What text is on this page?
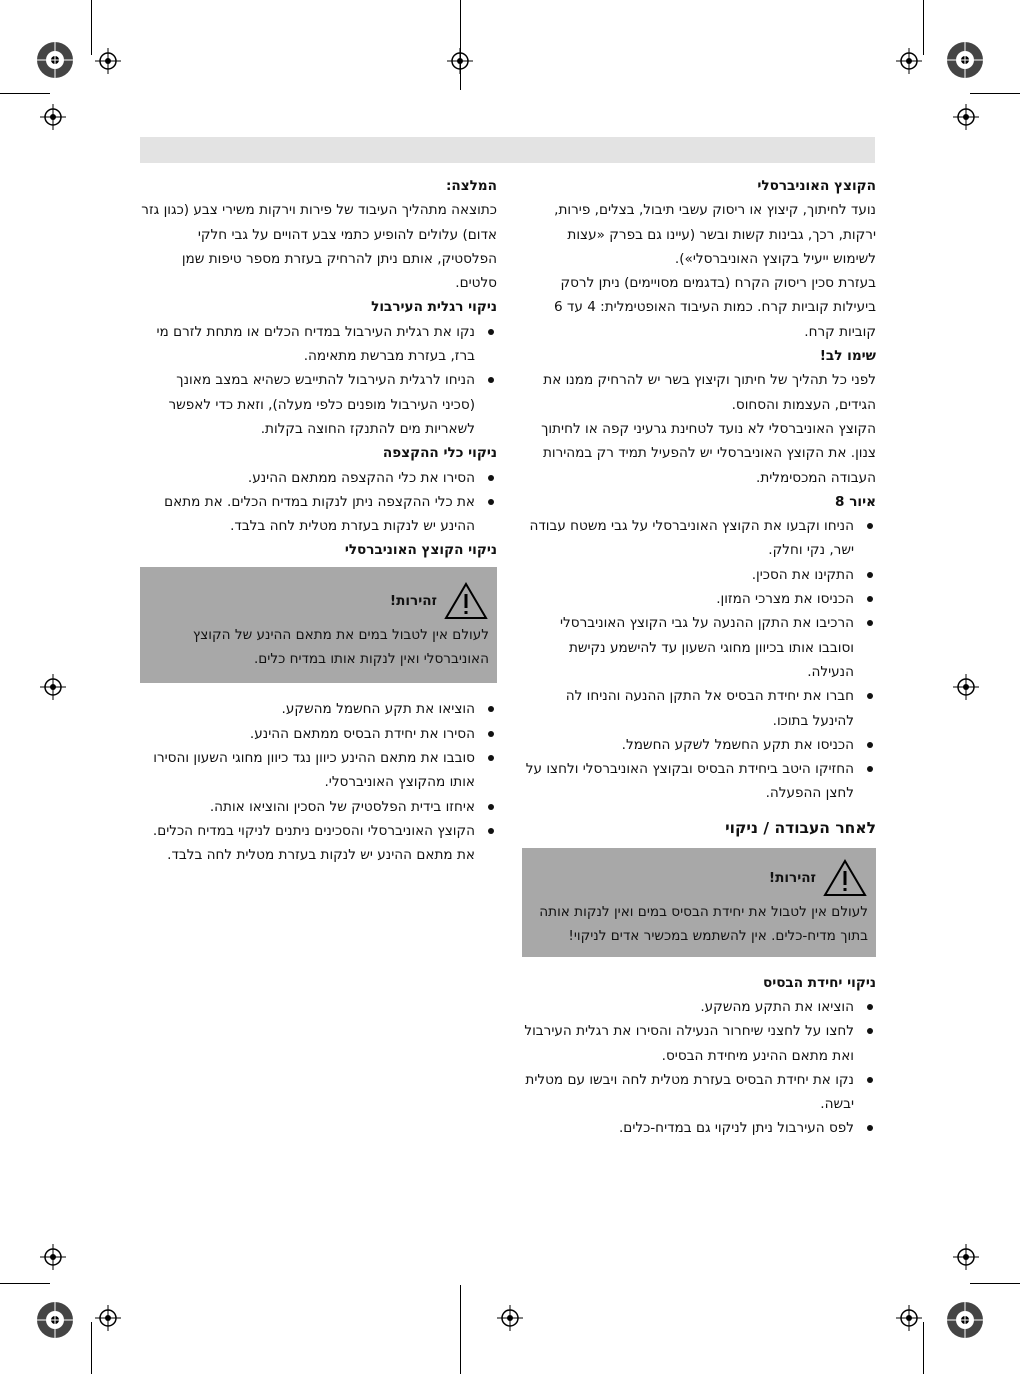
הקוצץ האוניברסלי

נועד לחיתוך, קיצוץ או ריסוק עשבי תיבול, בצלים, פירות, ירקות, רכך, גבינות קשות ובשר (עיינו גם בפרק «עצות לשימוש ייעיל בקוצץ האוניברסלי»).

בעזרת סכין ריסוק הקרח (בדגמים מסויימים) ניתן לרסק ביעילות קוביות קרח. כמות העיבוד האופטימלית: 4 עד 6 קוביות קרח.

שימו לב!

לפני כל תהליך של חיתוך וקיצוץ בשר יש להרחיק ממנו את הגידים, העצמות והסחוס.

הקוצץ האוניברסלי לא נועד לטחינת גרעיני קפה או לחיתוך צנון. את הקוצץ האוניברסלי יש להפעיל תמיד רק במהירות העבודה המכסימלית.

איור 8

הניחו וקבעו את הקוצץ האוניברסלי על גבי משטח עבודה ישר, נקי וחלק.
התקינו את הסכין.
הכניסו את מצרכי המזון.
הרכיבו את התקן ההנעה על גבי הקוצץ האוניברסלי וסובבו אותו בכיוון מחוגי השעון עד להישמע נקישת הנעילה.
חברו את יחידת הבסיס אל התקן ההנעה והניחו לה להינעל בתוכו.
הכניסו את תקע החשמל לשקע החשמל.
החזיקו היטב ביחידת הבסיס ובקוצץ האוניברסלי ולחצו על לחצן ההפעלה.

לאחר העבודה / ניקוי

זהירות!

לעולם אין לטבול את יחידת הבסיס במים ואין לנקות אותה בתוך מדיח-כלים. אין להשתמש במכשיר אדים לניקוי!

ניקוי יחידת הבסיס

הוציאו את התקע מהשקע.
לחצו על לחצני שיחרור הנעילה והסירו את רגלית העירבול ואת מתאם ההינע מיחידת הבסיס.
נקו את יחידת הבסיס בעזרת מטלית לחה ויבשו עם מטלית יבשה.
לפס העירבול ניתן לניקוי גם במדיח-כלים.

המלצה:

כתוצאה מתהליך העיבוד של פירות וירקות משירי צבע (כגון גזר אדום) עלולים להופיע כתמי צבע דהויים על גבי חלקי הפלסטיק, אותם ניתן להרחיק בעזרת מספר טיפות שמן סלטים.

ניקוי רגלית העירבול

נקו את רגלית העירבול במדיח הכלים או מתחת לזרם מי ברז, בעזרת מברשת מתאימה.
הניחו לרגלית העירבול להתייבש כשהיא במצב מאונך (סכיני העירבול מופנים כלפי מעלה), וזאת כדי לאפשר לשאריות מים להתנקז החוצה בקלות.

ניקוי כלי ההקצפה

הסירו את כלי ההקצפה ממתאם ההינע.
את כלי ההקצפה ניתן לנקות במדיח הכלים. את מתאם ההינע יש לנקות בעזרת מטלית לחה בלבד.

ניקוי הקוצץ האוניברסלי

זהירות!

לעולם אין לטבול במים את מתאם ההינע של הקוצץ האוניברסלי ואין לנקות אותו במדיח כלים.

הוציאו את תקע החשמל מהשקע.
הסירו את יחידת הבסיס ממתאם ההינע.
סובבו את מתאם ההינע כיוון נגד כיוון מחוגי השעון והסירו אותו מהקוצץ האוניברסלי.
איחזו בידית הפלסטיק של הסכין והוציאו אותה.
הקוצץ האוניברסלי והסכינים ניתנים לניקוי במדיח הכלים. את מתאם ההינע יש לנקות בעזרת מטלית לחה בלבד.
